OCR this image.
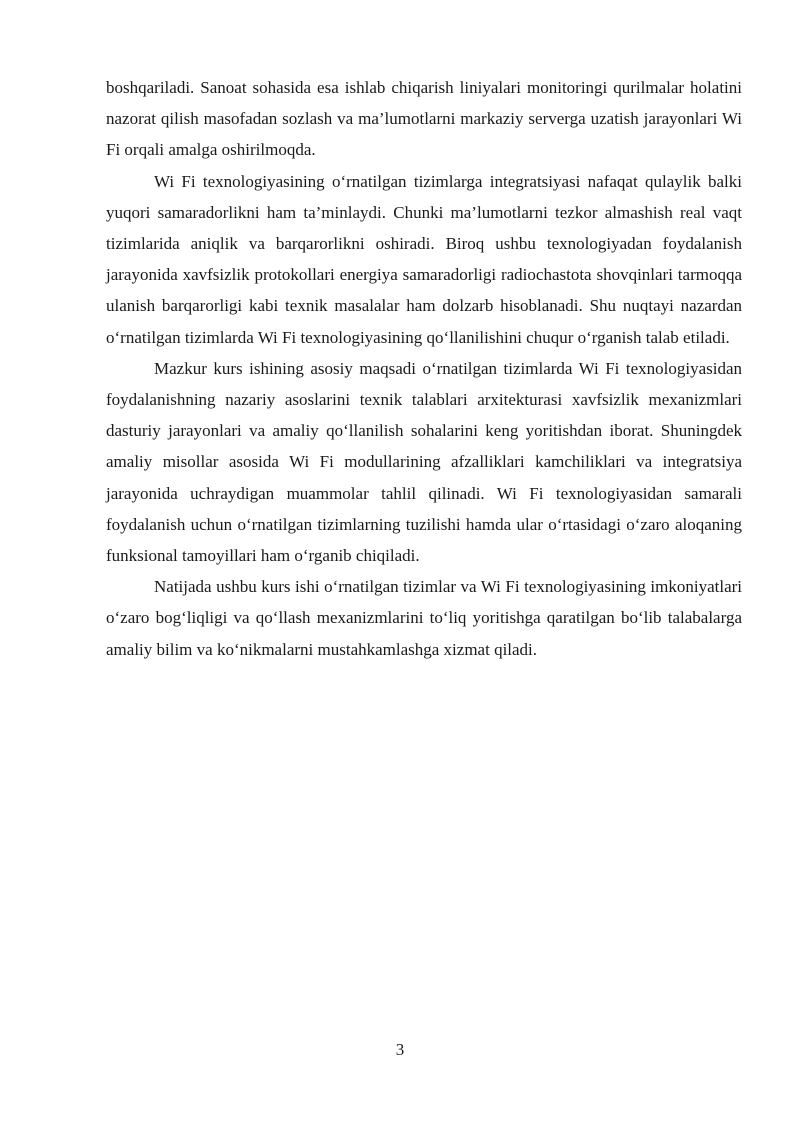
boshqariladi. Sanoat sohasida esa ishlab chiqarish liniyalari monitoringi qurilmalar holatini nazorat qilish masofadan sozlash va ma’lumotlarni markaziy serverga uzatish jarayonlari Wi Fi orqali amalga oshirilmoqda.

Wi Fi texnologiyasining o‘rnatilgan tizimlarga integratsiyasi nafaqat qulaylik balki yuqori samaradorlikni ham ta’minlaydi. Chunki ma’lumotlarni tezkor almashish real vaqt tizimlarida aniqlik va barqarorlikni oshiradi. Biroq ushbu texnologiyadan foydalanish jarayonida xavfsizlik protokollari energiya samaradorligi radiochastota shovqinlari tarmoqqa ulanish barqarorligi kabi texnik masalalar ham dolzarb hisoblanadi. Shu nuqtayi nazardan o‘rnatilgan tizimlarda Wi Fi texnologiyasining qo‘llanilishini chuqur o‘rganish talab etiladi.

Mazkur kurs ishining asosiy maqsadi o‘rnatilgan tizimlarda Wi Fi texnologiyasidan foydalanishning nazariy asoslarini texnik talablari arxitekturasi xavfsizlik mexanizmlari dasturiy jarayonlari va amaliy qo‘llanilish sohalarini keng yoritishdan iborat. Shuningdek amaliy misollar asosida Wi Fi modullarining afzalliklari kamchiliklari va integratsiya jarayonida uchraydigan muammolar tahlil qilinadi. Wi Fi texnologiyasidan samarali foydalanish uchun o‘rnatilgan tizimlarning tuzilishi hamda ular o‘rtasidagi o‘zaro aloqaning funksional tamoyillari ham o‘rganib chiqiladi.

Natijada ushbu kurs ishi o‘rnatilgan tizimlar va Wi Fi texnologiyasining imkoniyatlari o‘zaro bog‘liqligi va qo‘llash mexanizmlarini to‘liq yoritishga qaratilgan bo‘lib talabalarga amaliy bilim va ko‘nikmalarni mustahkamlashga xizmat qiladi.

3
